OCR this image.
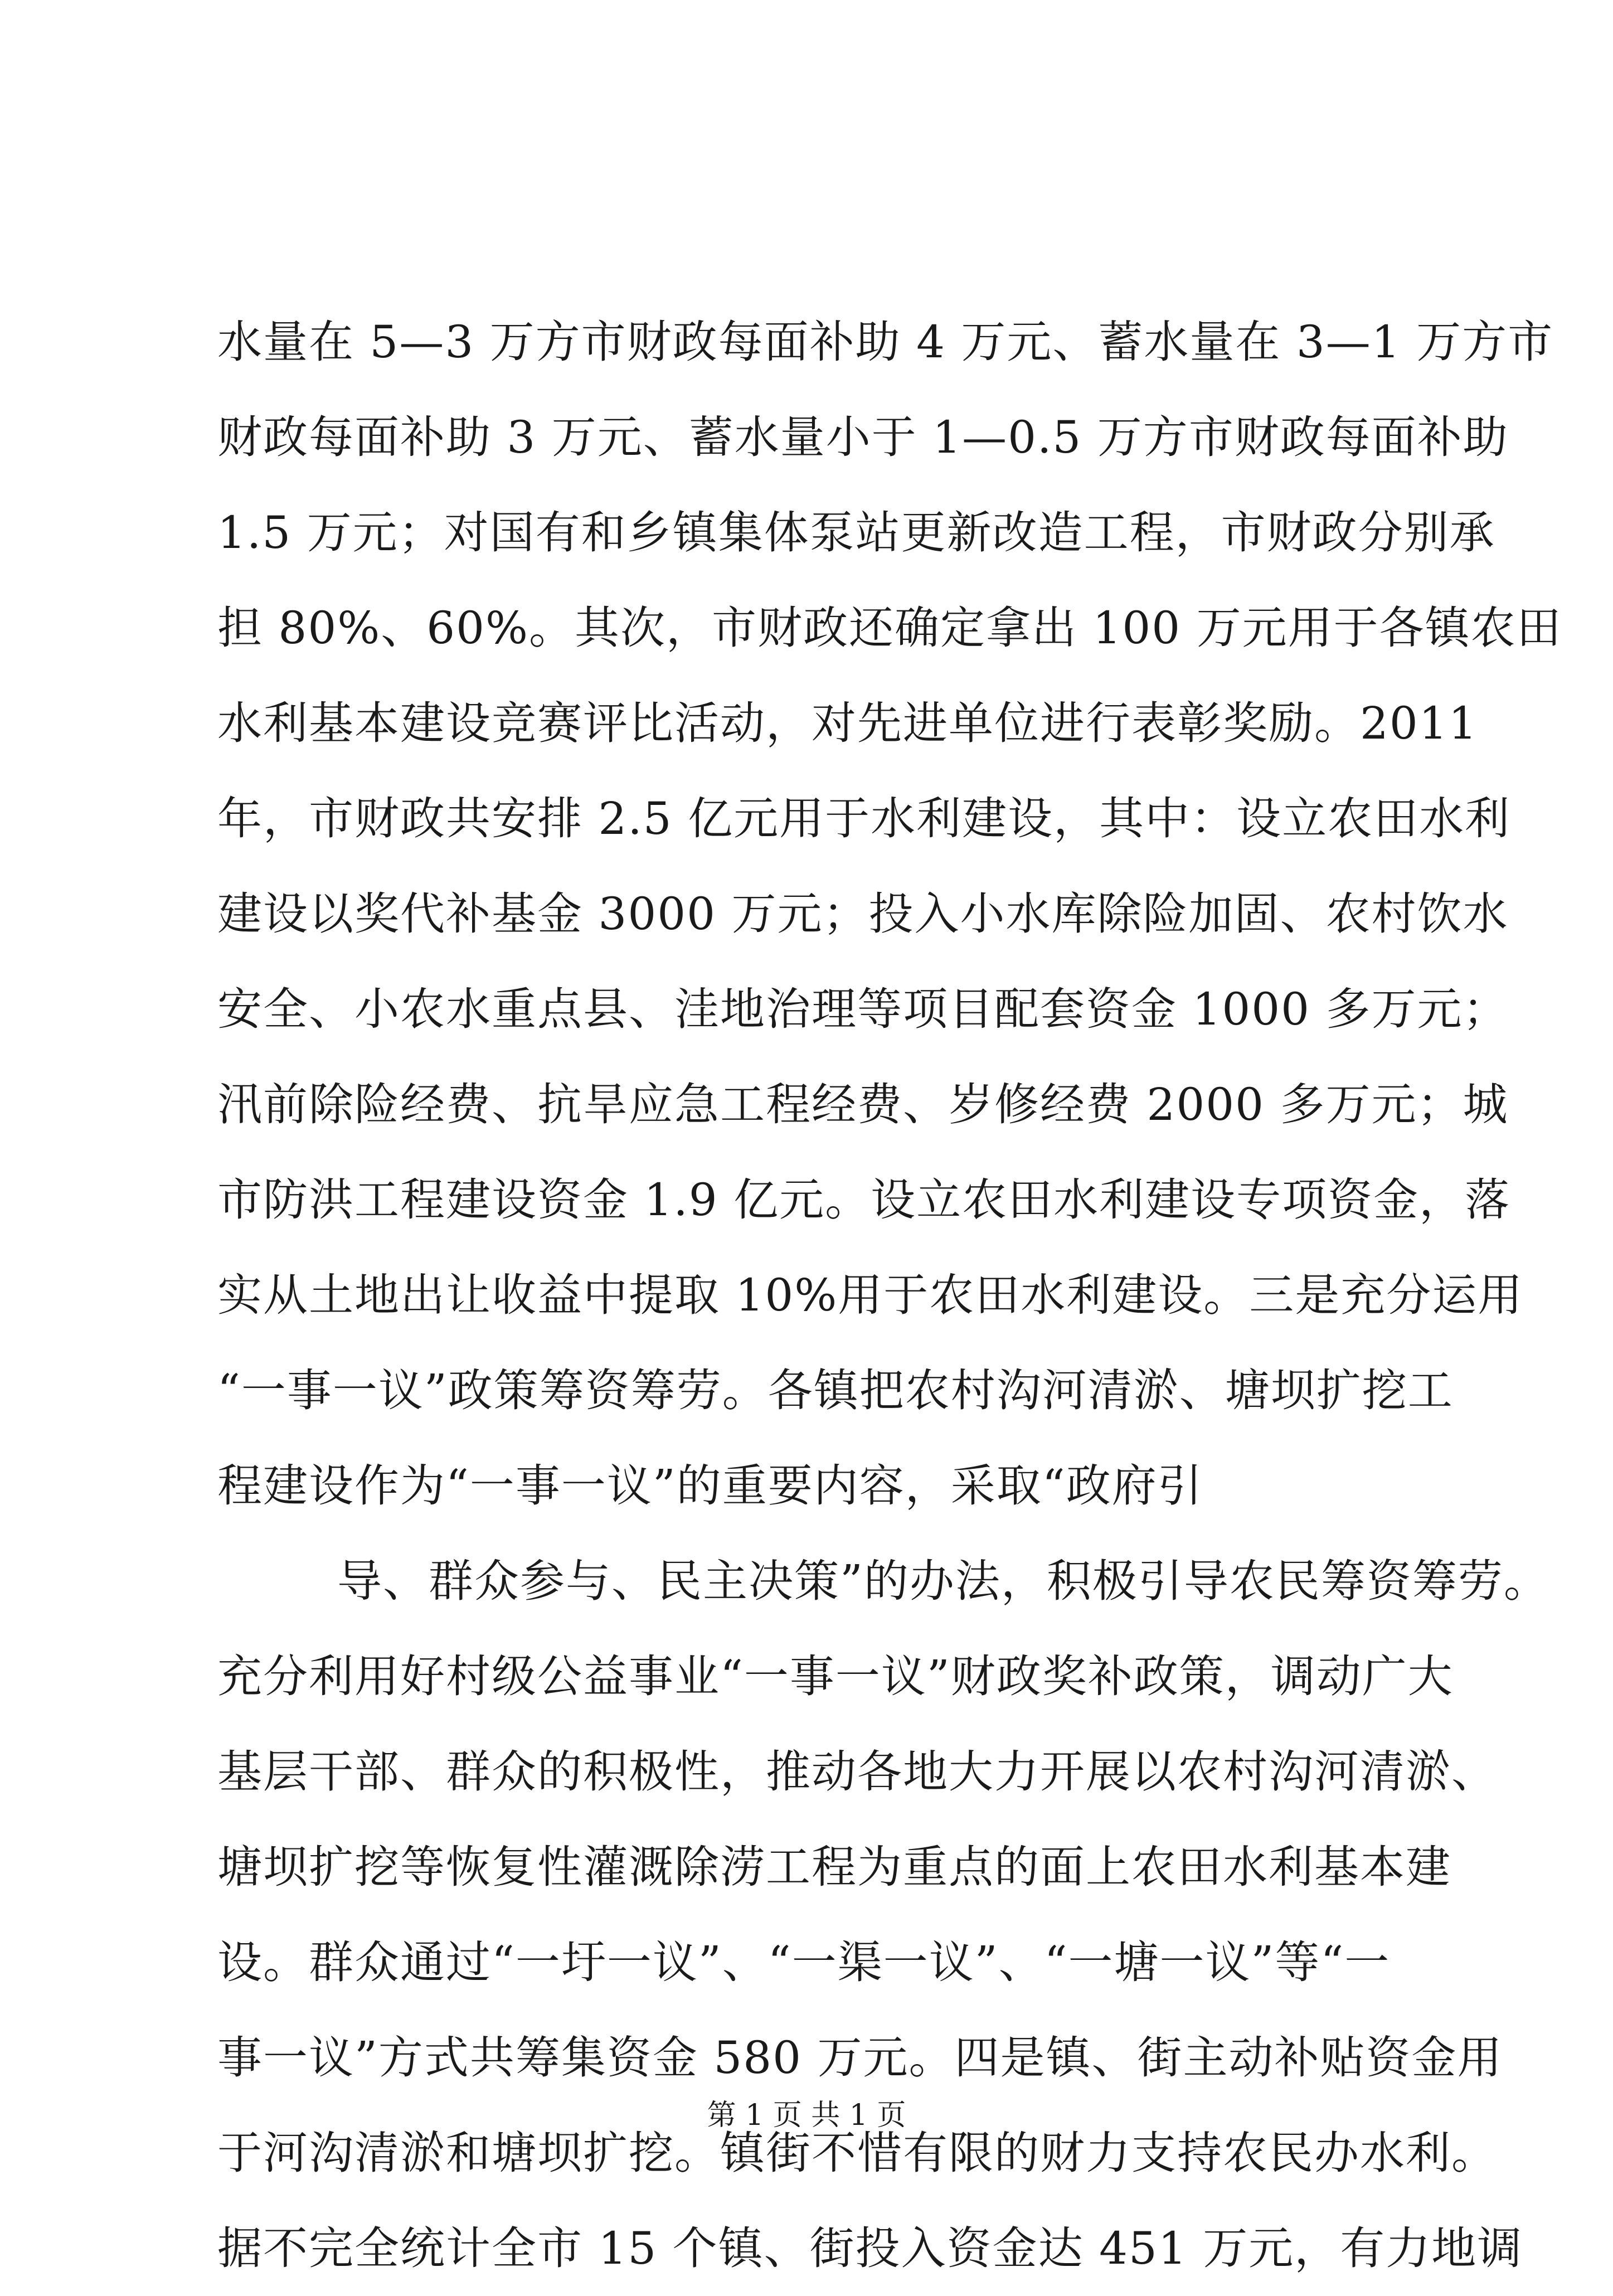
水量在 5—3 万方市财政每面补助 4 万元、蓄水量在 3—1 万方市
财政每面补助 3 万元、蓄水量小于 1—0.5 万方市财政每面补助
1.5 万元；对国有和乡镇集体泵站更新改造工程，市财政分别承
担 80%、60%。其次，市财政还确定拿出 100 万元用于各镇农田
水利基本建设竞赛评比活动，对先进单位进行表彰奖励。2011
年，市财政共安排 2.5 亿元用于水利建设，其中：设立农田水利
建设以奖代补基金 3000 万元；投入小水库除险加固、农村饮水
安全、小农水重点县、洼地治理等项目配套资金 1000 多万元；
汛前除险经费、抗旱应急工程经费、岁修经费 2000 多万元；城
市防洪工程建设资金 1.9 亿元。设立农田水利建设专项资金，落
实从土地出让收益中提取 10%用于农田水利建设。三是充分运用
“一事一议”政策筹资筹劳。各镇把农村沟河清淤、塘坝扩挖工
程建设作为“一事一议”的重要内容，采取“政府引
导、群众参与、民主决策”的办法，积极引导农民筹资筹劳。
充分利用好村级公益事业“一事一议”财政奖补政策，调动广大
基层干部、群众的积极性，推动各地大力开展以农村沟河清淤、
塘坝扩挖等恢复性灌溉除涝工程为重点的面上农田水利基本建
设。群众通过“一圩一议”、“一渠一议”、“一塘一议”等“一
事一议”方式共筹集资金 580 万元。四是镇、街主动补贴资金用
于河沟清淤和塘坝扩挖。镇街不惜有限的财力支持农民办水利。
据不完全统计全市 15 个镇、街投入资金达 451 万元，有力地调
第 1 页 共 1 页
